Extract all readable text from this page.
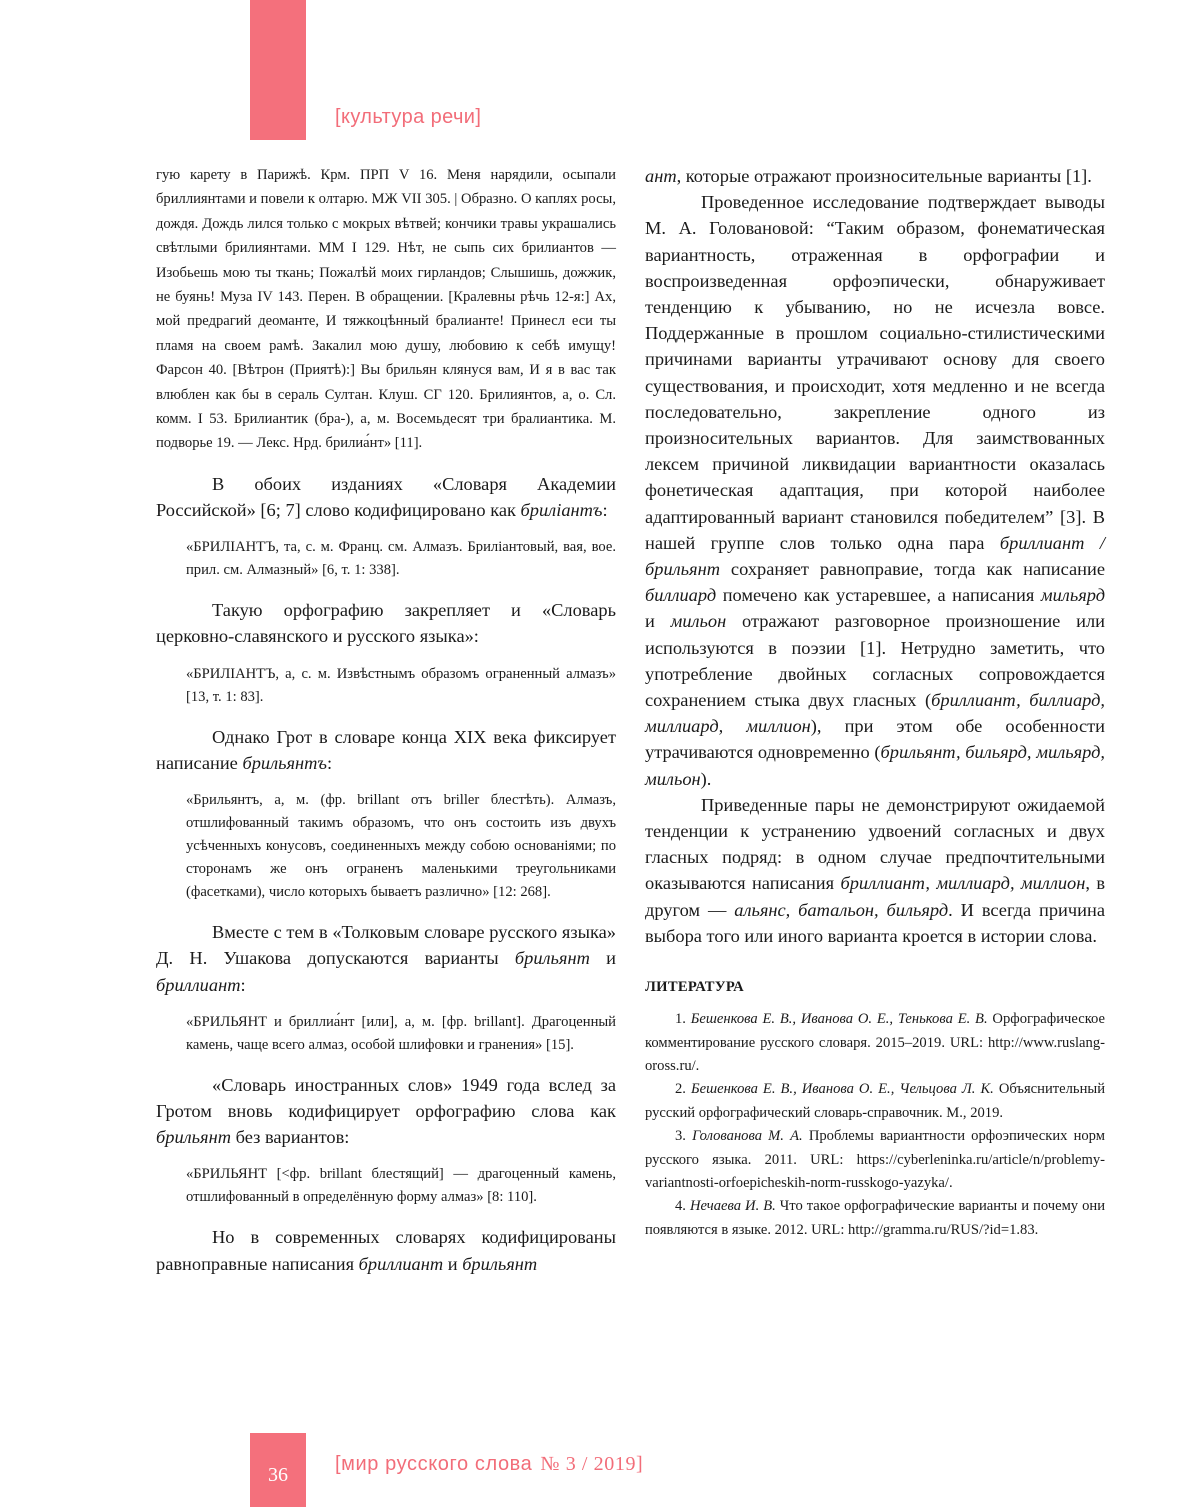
[культура речи]

гую карету в Парижѣ. Крм. ПРП V 16. Меня нарядили, осыпали бриллиянтами и повели к олтарю. МЖ VII 305. | Образно. О каплях росы, дождя. Дождь лился только с мокрых вѣтвей; кончики травы украшались свѣтлыми брилиянтами. ММ I 129. Нѣт, не сыпь сих брилиантов — Изобьешь мою ты ткань; Пожалѣй моих гирландов; Слышишь, дожжик, не буянь! Муза IV 143. Перен. В обращении. [Кралевны рѣчь 12-я:] Ах, мой предрагий деоманте, И тяжкоцѣнный бралианте! Принесл еси ты пламя на своем рамѣ. Закалил мою душу, любовию к себѣ имущу! Фарсон 40. [Вѣтрон (Приятѣ):] Вы брильян клянуся вам, И я в вас так влюблен как бы в сераль Султан. Клуш. СГ 120. Брилиянтов, а, о. Сл. комм. I 53. Брилиантик (бра-), а, м. Восемьдесят три бралиантика. М. подворье 19. — Лекс. Нрд. брилиа́нт» [11].

В обоих изданиях «Словаря Академии Российской» [6; 7] слово кодифицировано как бриліантъ:

«БРИЛІАНТЪ, та, с. м. Франц. см. Алмазъ. Бриліантовый, вая, вое. прил. см. Алмазный» [6, т. 1: 338].

Такую орфографию закрепляет и «Словарь церковно-славянского и русского языка»:

«БРИЛІАНТЪ, а, с. м. Извѣстнымъ образомъ ограненный алмазъ» [13, т. 1: 83].

Однако Грот в словаре конца XIX века фиксирует написание брильянтъ:

«Брильянтъ, а, м. (фр. brillant отъ briller блестѣть). Алмазъ, отшлифованный такимъ образомъ, что онъ состоить изъ двухъ усѣченныхъ конусовъ, соединенныхъ между собою основаніями; по сторонамъ же онъ ограненъ маленькими треугольниками (фасетками), число которыхъ бываетъ различно» [12: 268].

Вместе с тем в «Толковым словаре русского языка» Д. Н. Ушакова допускаются варианты брильянт и бриллиант:

«БРИЛЬЯНТ и бриллиа́нт [или], а, м. [фр. brillant]. Драгоценный камень, чаще всего алмаз, особой шлифовки и гранения» [15].

«Словарь иностранных слов» 1949 года вслед за Гротом вновь кодифицирует орфографию слова как брильянт без вариантов:

«БРИЛЬЯНТ [<фр. brillant блестящий] — драгоценный камень, отшлифованный в определённую форму алмаз» [8: 110].

Но в современных словарях кодифицированы равноправные написания бриллиант и брильянт

ант, которые отражают произносительные варианты [1].

Проведенное исследование подтверждает выводы М. А. Головановой: “Таким образом, фонематическая вариантность, отраженная в орфографии и воспроизведенная орфоэпически, обнаруживает тенденцию к убыванию, но не исчезла вовсе. Поддержанные в прошлом социально-стилистическими причинами варианты утрачивают основу для своего существования, и происходит, хотя медленно и не всегда последовательно, закрепление одного из произносительных вариантов. Для заимствованных лексем причиной ликвидации вариантности оказалась фонетическая адаптация, при которой наиболее адаптированный вариант становился победителем” [3]. В нашей группе слов только одна пара бриллиант / брильянт сохраняет равноправие, тогда как написание биллиард помечено как устаревшее, а написания мильярд и мильон отражают разговорное произношение или используются в поэзии [1]. Нетрудно заметить, что употребление двойных согласных сопровождается сохранением стыка двух гласных (бриллиант, биллиард, миллиард, миллион), при этом обе особенности утрачиваются одновременно (брильянт, бильярд, мильярд, мильон).

Приведенные пары не демонстрируют ожидаемой тенденции к устранению удвоений согласных и двух гласных подряд: в одном случае предпочтительными оказываются написания бриллиант, миллиард, миллион, в другом — альянс, батальон, бильярд. И всегда причина выбора того или иного варианта кроется в истории слова.

ЛИТЕРАТУРА

1. Бешенкова Е. В., Иванова О. Е., Тенькова Е. В. Орфографическое комментирование русского словаря. 2015–2019. URL: http://www.ruslang-oross.ru/.

2. Бешенкова Е. В., Иванова О. Е., Чельцова Л. К. Объяснительный русский орфографический словарь-справочник. М., 2019.

3. Голованова М. А. Проблемы вариантности орфоэпических норм русского языка. 2011. URL: https://cyberleninka.ru/article/n/problemy-variantnosti-orfoepicheskih-norm-russkogo-yazyka/.

4. Нечаева И. В. Что такое орфографические варианты и почему они появляются в языке. 2012. URL: http://gramma.ru/RUS/?id=1.83.

36	[мир русского слова № 3 / 2019]
